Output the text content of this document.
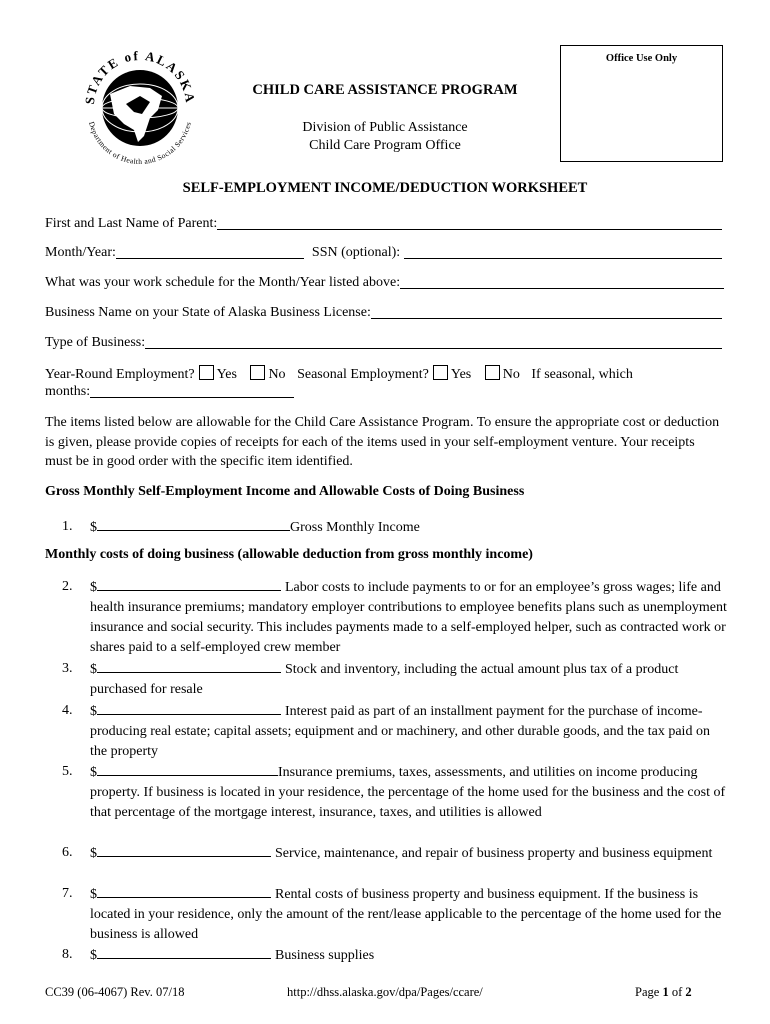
STATE of ALASKA
Department of Health and Social Services
Office Use Only
CHILD CARE ASSISTANCE PROGRAM
Division of Public Assistance
Child Care Program Office
SELF-EMPLOYMENT INCOME/DEDUCTION WORKSHEET
First and Last Name of Parent:
Month/Year:	SSN (optional):
What was your work schedule for the Month/Year listed above:
Business Name on your State of Alaska Business License:
Type of Business:
Year-Round Employment? Yes No Seasonal Employment? Yes No If seasonal, which
months:
The items listed below are allowable for the Child Care Assistance Program. To ensure the appropriate cost or deduction is given, please provide copies of receipts for each of the items used in your self-employment venture. Your receipts must be in good order with the specific item identified.
Gross Monthly Self-Employment Income and Allowable Costs of Doing Business
1.	$	Gross Monthly Income
Monthly costs of doing business (allowable deduction from gross monthly income)
2.	$	Labor costs to include payments to or for an employee’s gross wages; life and health insurance premiums; mandatory employer contributions to employee benefits plans such as unemployment insurance and social security. This includes payments made to a self-employed helper, such as contracted work or shares paid to a self-employed crew member
3.	$	Stock and inventory, including the actual amount plus tax of a product purchased for resale
4.	$	Interest paid as part of an installment payment for the purchase of income-producing real estate; capital assets; equipment and or machinery, and other durable goods, and the tax paid on the property
5.	$	Insurance premiums, taxes, assessments, and utilities on income producing property. If business is located in your residence, the percentage of the home used for the business and the cost of that percentage of the mortgage interest, insurance, taxes, and utilities is allowed
6.	$	Service, maintenance, and repair of business property and business equipment
7.	$	Rental costs of business property and business equipment. If the business is located in your residence, only the amount of the rent/lease applicable to the percentage of the home used for the business is allowed
8.	$	Business supplies
CC39 (06-4067) Rev. 07/18	http://dhss.alaska.gov/dpa/Pages/ccare/	Page 1 of 2
